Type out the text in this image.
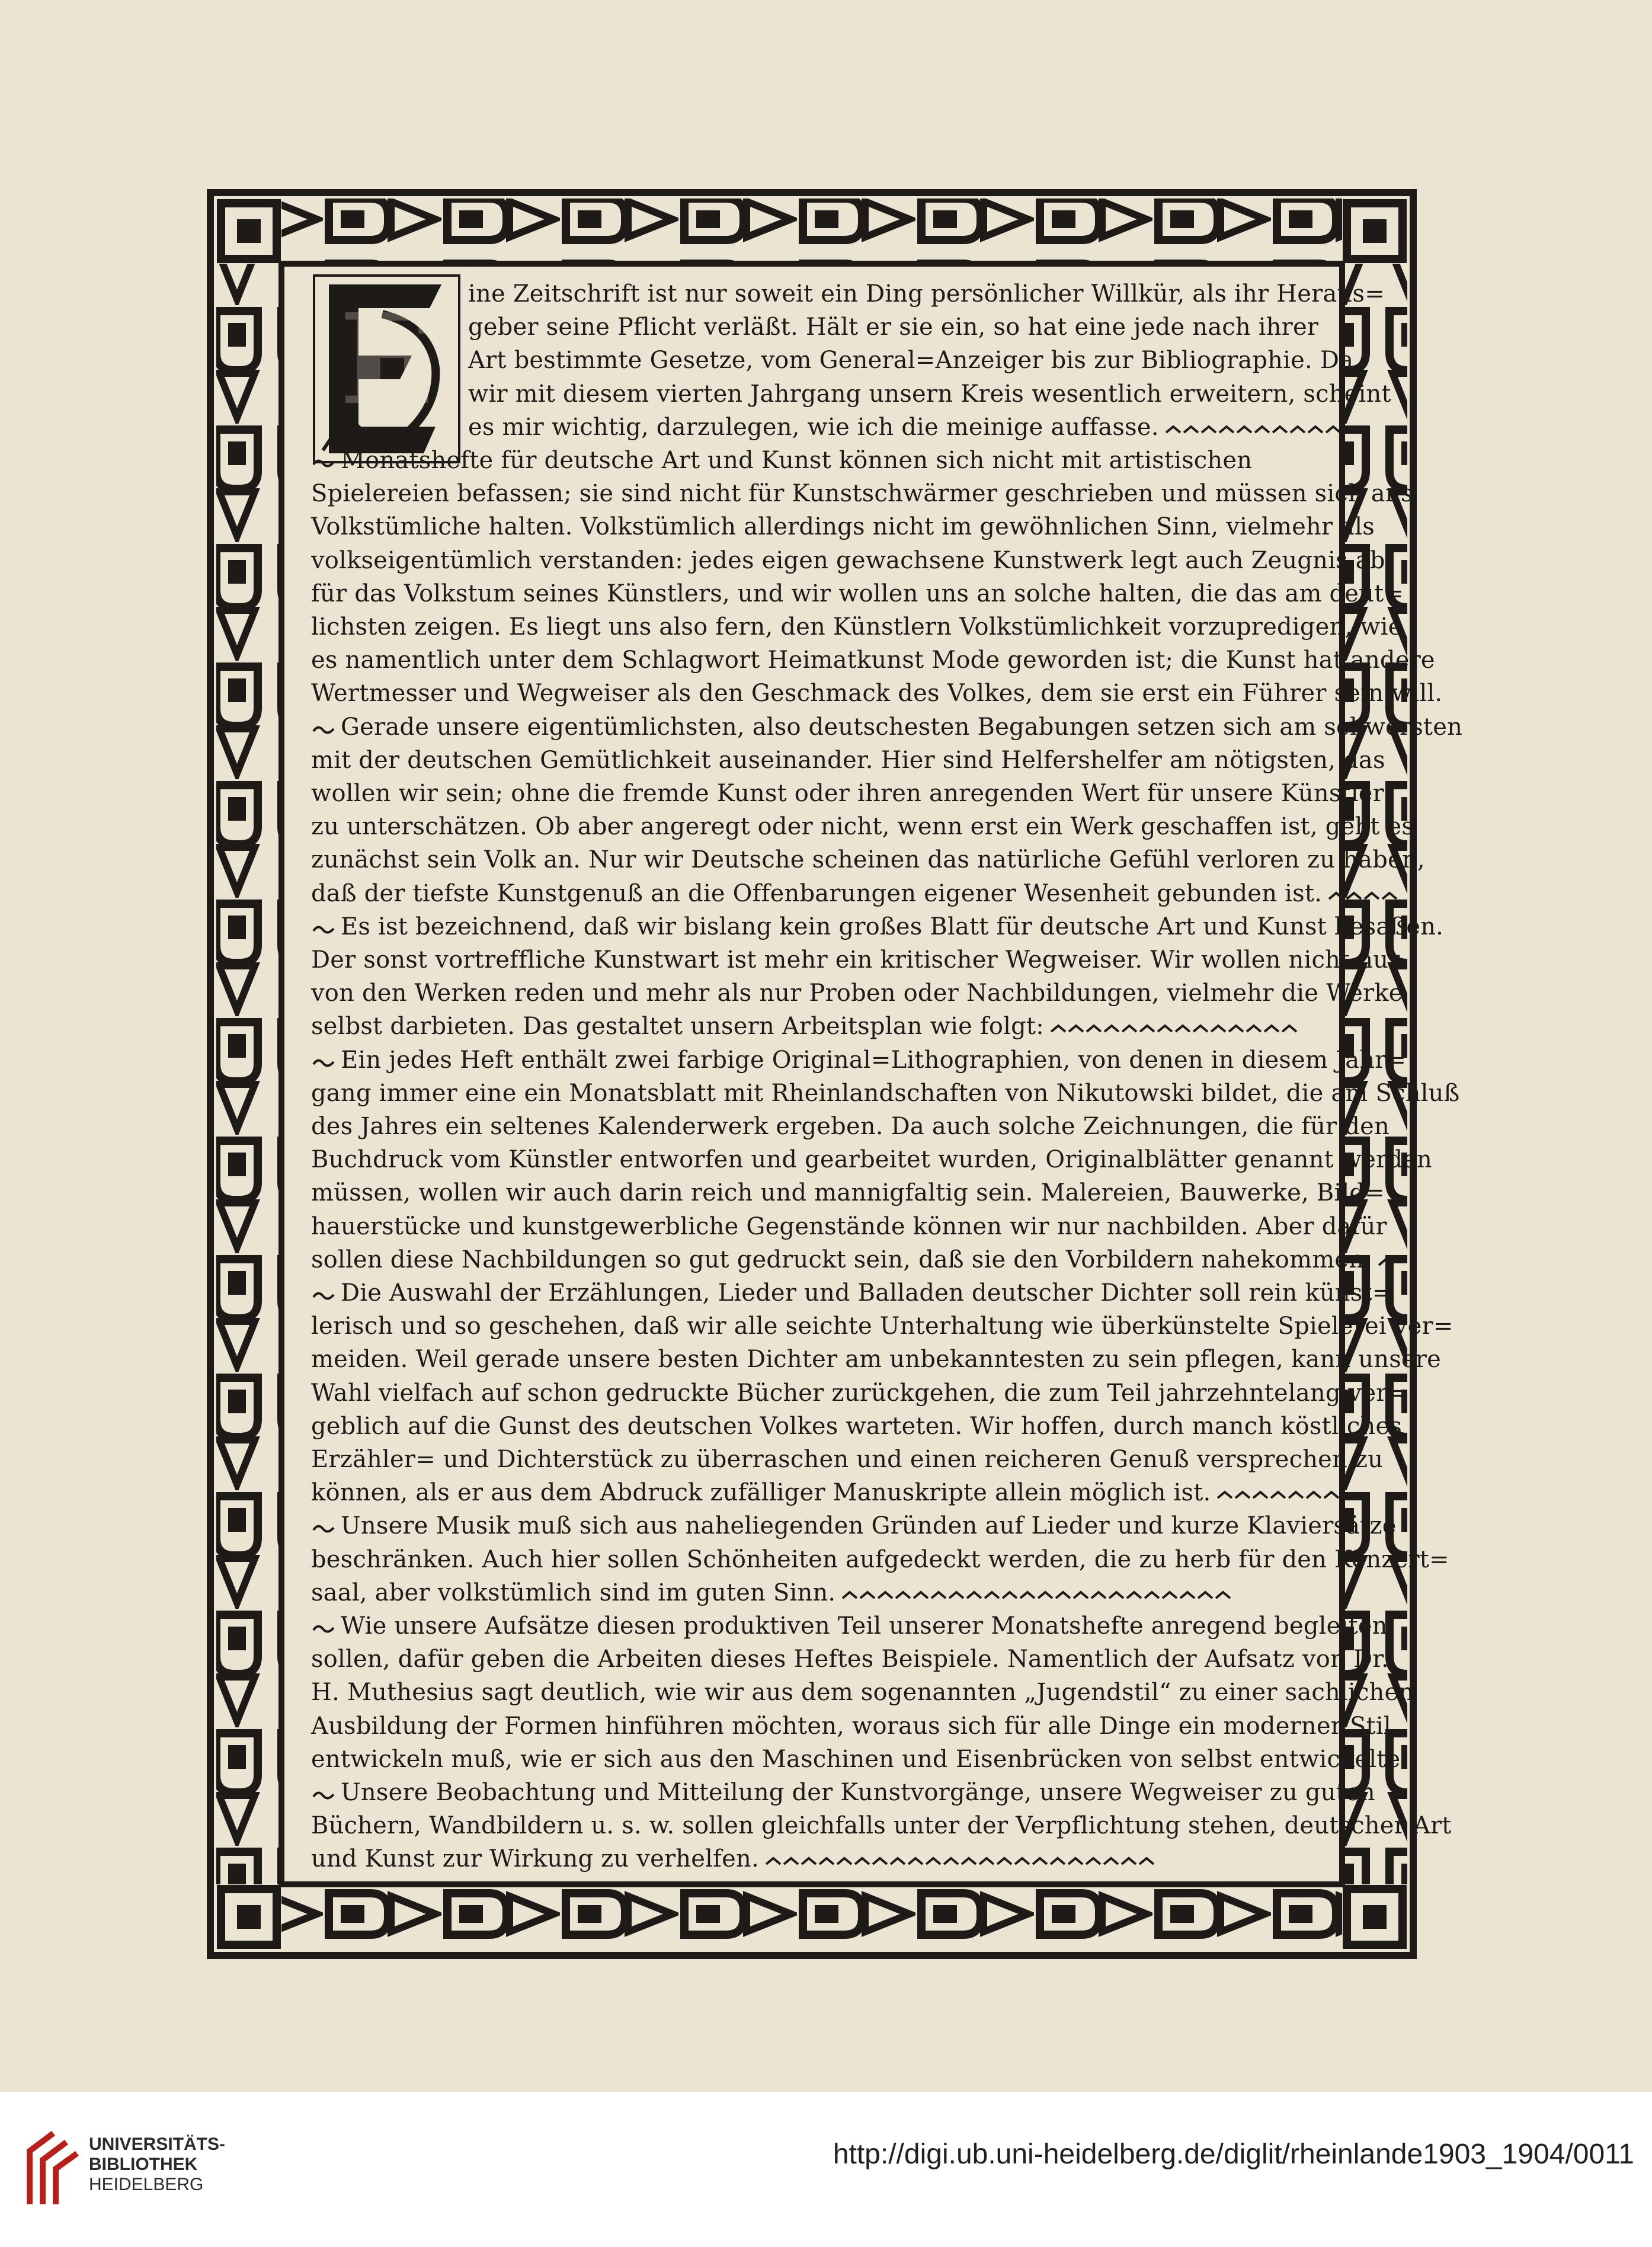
E ine Zeitschrift ist nur soweit ein Ding persönlicher Willkür, als ihr Heraus=
geber seine Pflicht verläßt. Hält er sie ein, so hat eine jede nach ihrer
Art bestimmte Gesetze, vom General=Anzeiger bis zur Bibliographie. Da
wir mit diesem vierten Jahrgang unsern Kreis wesentlich erweitern, scheint
es mir wichtig, darzulegen, wie ich die meinige auffasse.
Monatshefte für deutsche Art und Kunst können sich nicht mit artistischen
Spielereien befassen; sie sind nicht für Kunstschwärmer geschrieben und müssen sich ans
Volkstümliche halten. Volkstümlich allerdings nicht im gewöhnlichen Sinn, vielmehr als
volkseigentümlich verstanden: jedes eigen gewachsene Kunstwerk legt auch Zeugnis ab
für das Volkstum seines Künstlers, und wir wollen uns an solche halten, die das am deut=
lichsten zeigen. Es liegt uns also fern, den Künstlern Volkstümlichkeit vorzupredigen, wie
es namentlich unter dem Schlagwort Heimatkunst Mode geworden ist; die Kunst hat andere
Wertmesser und Wegweiser als den Geschmack des Volkes, dem sie erst ein Führer sein will.
Gerade unsere eigentümlichsten, also deutschesten Begabungen setzen sich am schwersten
mit der deutschen Gemütlichkeit auseinander. Hier sind Helfershelfer am nötigsten, das
wollen wir sein; ohne die fremde Kunst oder ihren anregenden Wert für unsere Künstler
zu unterschätzen. Ob aber angeregt oder nicht, wenn erst ein Werk geschaffen ist, geht es
zunächst sein Volk an. Nur wir Deutsche scheinen das natürliche Gefühl verloren zu haben,
daß der tiefste Kunstgenuß an die Offenbarungen eigener Wesenheit gebunden ist.
Es ist bezeichnend, daß wir bislang kein großes Blatt für deutsche Art und Kunst besaßen.
Der sonst vortreffliche Kunstwart ist mehr ein kritischer Wegweiser. Wir wollen nicht nur
von den Werken reden und mehr als nur Proben oder Nachbildungen, vielmehr die Werke
selbst darbieten. Das gestaltet unsern Arbeitsplan wie folgt:
Ein jedes Heft enthält zwei farbige Original=Lithographien, von denen in diesem Jahr=
gang immer eine ein Monatsblatt mit Rheinlandschaften von Nikutowski bildet, die am Schluß
des Jahres ein seltenes Kalenderwerk ergeben. Da auch solche Zeichnungen, die für den
Buchdruck vom Künstler entworfen und gearbeitet wurden, Originalblätter genannt werden
müssen, wollen wir auch darin reich und mannigfaltig sein. Malereien, Bauwerke, Bild=
hauerstücke und kunstgewerbliche Gegenstände können wir nur nachbilden. Aber dafür
sollen diese Nachbildungen so gut gedruckt sein, daß sie den Vorbildern nahekommen.
Die Auswahl der Erzählungen, Lieder und Balladen deutscher Dichter soll rein künst=
lerisch und so geschehen, daß wir alle seichte Unterhaltung wie überkünstelte Spielerei ver=
meiden. Weil gerade unsere besten Dichter am unbekanntesten zu sein pflegen, kann unsere
Wahl vielfach auf schon gedruckte Bücher zurückgehen, die zum Teil jahrzehntelang ver=
geblich auf die Gunst des deutschen Volkes warteten. Wir hoffen, durch manch köstliches
Erzähler= und Dichterstück zu überraschen und einen reicheren Genuß versprechen zu
können, als er aus dem Abdruck zufälliger Manuskripte allein möglich ist.
Unsere Musik muß sich aus naheliegenden Gründen auf Lieder und kurze Klaviersätze
beschränken. Auch hier sollen Schönheiten aufgedeckt werden, die zu herb für den Konzert=
saal, aber volkstümlich sind im guten Sinn.
Wie unsere Aufsätze diesen produktiven Teil unserer Monatshefte anregend begleiten
sollen, dafür geben die Arbeiten dieses Heftes Beispiele. Namentlich der Aufsatz von Dr.
H. Muthesius sagt deutlich, wie wir aus dem sogenannten „Jugendstil“ zu einer sachlichen
Ausbildung der Formen hinführen möchten, woraus sich für alle Dinge ein moderner Stil
entwickeln muß, wie er sich aus den Maschinen und Eisenbrücken von selbst entwickelte.
Unsere Beobachtung und Mitteilung der Kunstvorgänge, unsere Wegweiser zu guten
Büchern, Wandbildern u. s. w. sollen gleichfalls unter der Verpflichtung stehen, deutscher Art
und Kunst zur Wirkung zu verhelfen.
UNIVERSITÄTS-
BIBLIOTHEK
HEIDELBERG
http://digi.ub.uni-heidelberg.de/diglit/rheinlande1903_1904/0011
